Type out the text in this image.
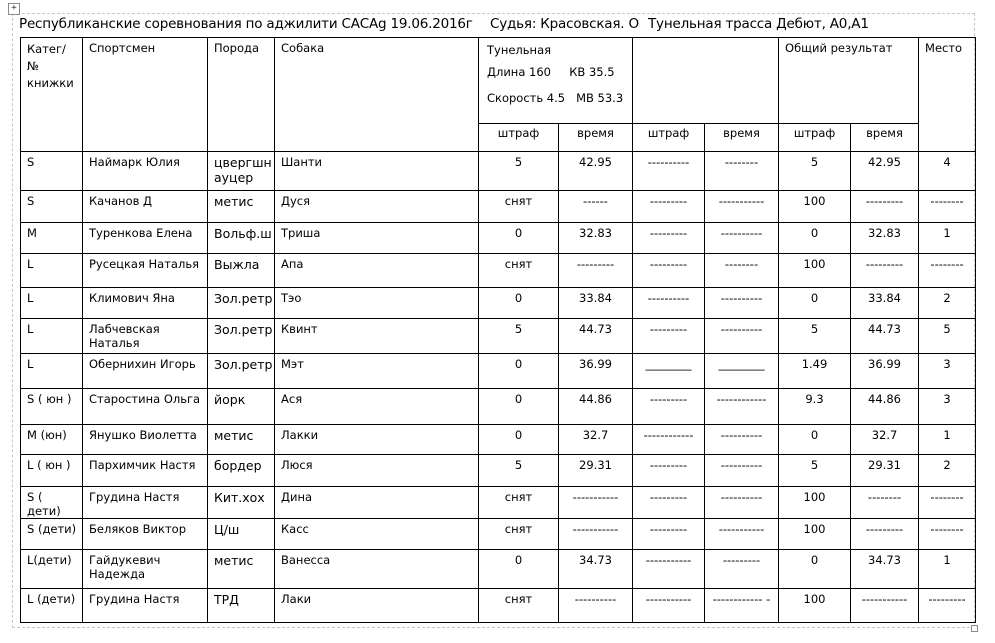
+
Республиканские соревнования по аджилити САСАg 19.06.2016г Судья: Красовская. О Тунельная трасса Дебют, А0,А1
Катег/ № книжки	Спортсмен	Порода	Собака	Тунельная
Длина 160 КВ 35.5
Скорость 4.5 МВ 53.3				Общий результат		Место
				штраф	время	штраф	время	штраф	время	
S	Наймарк Юлия	цвергшн ауцер	Шанти	5	42.95	----------	--------	5	42.95	4
S	Качанов Д	метис	Дуся	снят	------	---------	-----------	100	---------	--------
M	Туренкова Елена	Вольф.ш	Триша	0	32.83	---------	----------	0	32.83	1
L	Русецкая Наталья	Выжла	Апа	снят	---------	---------	--------	100	---------	--------
L	Климович Яна	Зол.ретр	Тэо	0	33.84	----------	----------	0	33.84	2
L	Лабчевская Наталья	Зол.ретр	Квинт	5	44.73	---------	----------	5	44.73	5
L	Обернихин Игорь	Зол.ретр	Мэт	0	36.99	________	________	1.49	36.99	3
S ( юн )	Старостина Ольга	йорк	Ася	0	44.86	---------	------------	9.3	44.86	3
M (юн)	Янушко Виолетта	метис	Лакки	0	32.7	------------	----------	0	32.7	1
L ( юн )	Пархимчик Настя	бордер	Люся	5	29.31	---------	----------	5	29.31	2
S ( дети)	Грудина Настя	Кит.хох	Дина	снят	-----------	---------	----------	100	--------	--------
S (дети)	Беляков Виктор	Ц/ш	Касс	снят	-----------	---------	-----------	100	---------	--------
L(дети)	Гайдукевич Надежда	метис	Ванесса	0	34.73	-----------	---------	0	34.73	1
L (дети)	Грудина Настя	ТРД	Лаки	снят	----------	-----------	------------ -	100	-----------	---------
